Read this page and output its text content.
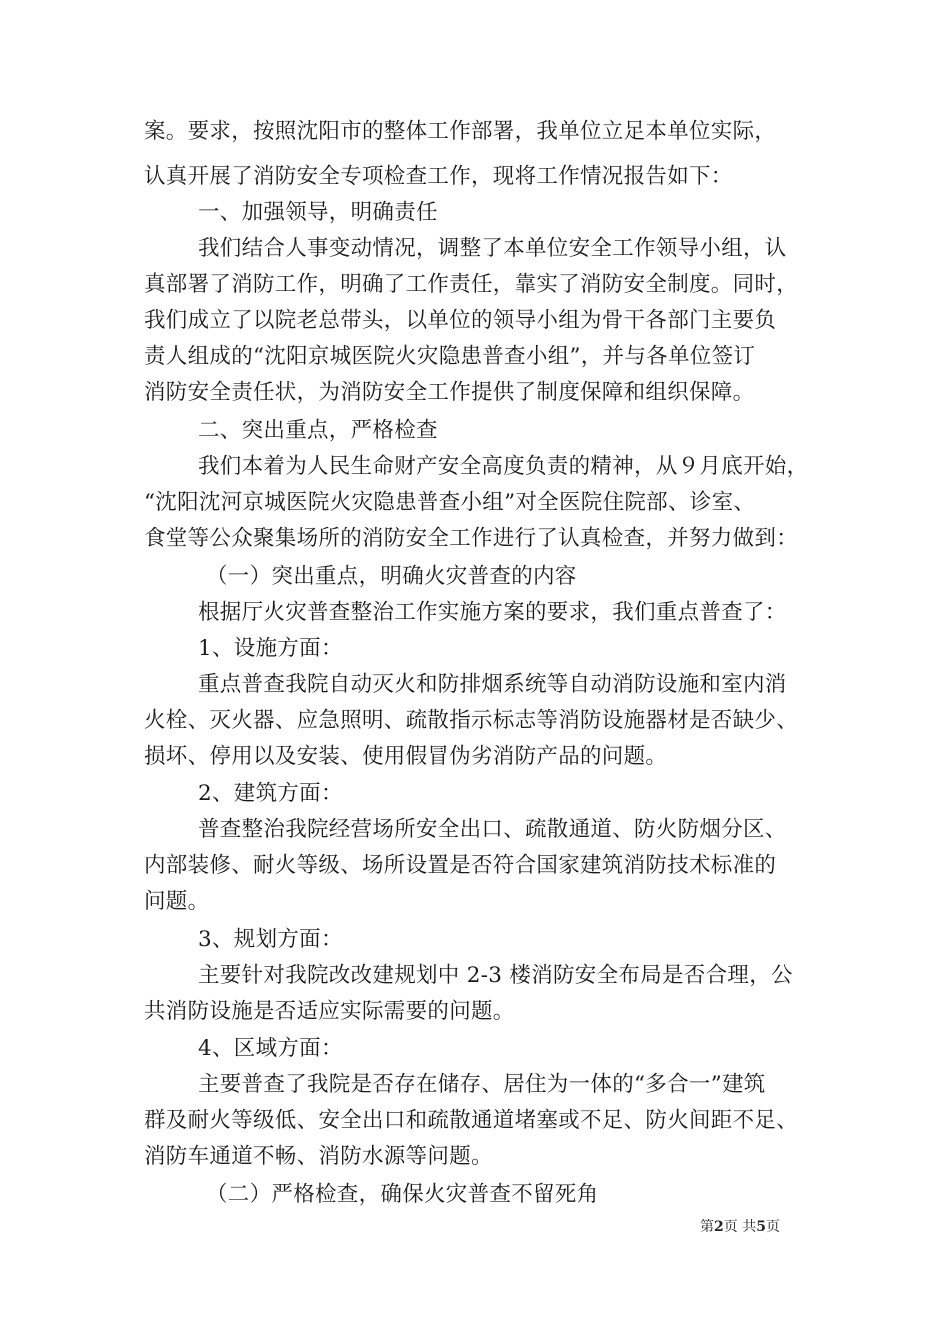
案。要求，按照沈阳市的整体工作部署，我单位立足本单位实际，
认真开展了消防安全专项检查工作，现将工作情况报告如下：
一、加强领导，明确责任
我们结合人事变动情况，调整了本单位安全工作领导小组，认
真部署了消防工作，明确了工作责任，靠实了消防安全制度。同时，
我们成立了以院老总带头，以单位的领导小组为骨干各部门主要负
责人组成的“沈阳京城医院火灾隐患普查小组”，并与各单位签订
消防安全责任状，为消防安全工作提供了制度保障和组织保障。
二、突出重点，严格检查
我们本着为人民生命财产安全高度负责的精神，从９月底开始，
“沈阳沈河京城医院火灾隐患普查小组”对全医院住院部、诊室、
食堂等公众聚集场所的消防安全工作进行了认真检查，并努力做到：
（一）突出重点，明确火灾普查的内容
根据厅火灾普查整治工作实施方案的要求，我们重点普查了：
1、设施方面：
重点普查我院自动灭火和防排烟系统等自动消防设施和室内消
火栓、灭火器、应急照明、疏散指示标志等消防设施器材是否缺少、
损坏、停用以及安装、使用假冒伪劣消防产品的问题。
2、建筑方面：
普查整治我院经营场所安全出口、疏散通道、防火防烟分区、
内部装修、耐火等级、场所设置是否符合国家建筑消防技术标准的
问题。
3、规划方面：
主要针对我院改改建规划中 2-3 楼消防安全布局是否合理，公
共消防设施是否适应实际需要的问题。
4、区域方面：
主要普查了我院是否存在储存、居住为一体的“多合一”建筑
群及耐火等级低、安全出口和疏散通道堵塞或不足、防火间距不足、
消防车通道不畅、消防水源等问题。
（二）严格检查，确保火灾普查不留死角
第2页 共5页
